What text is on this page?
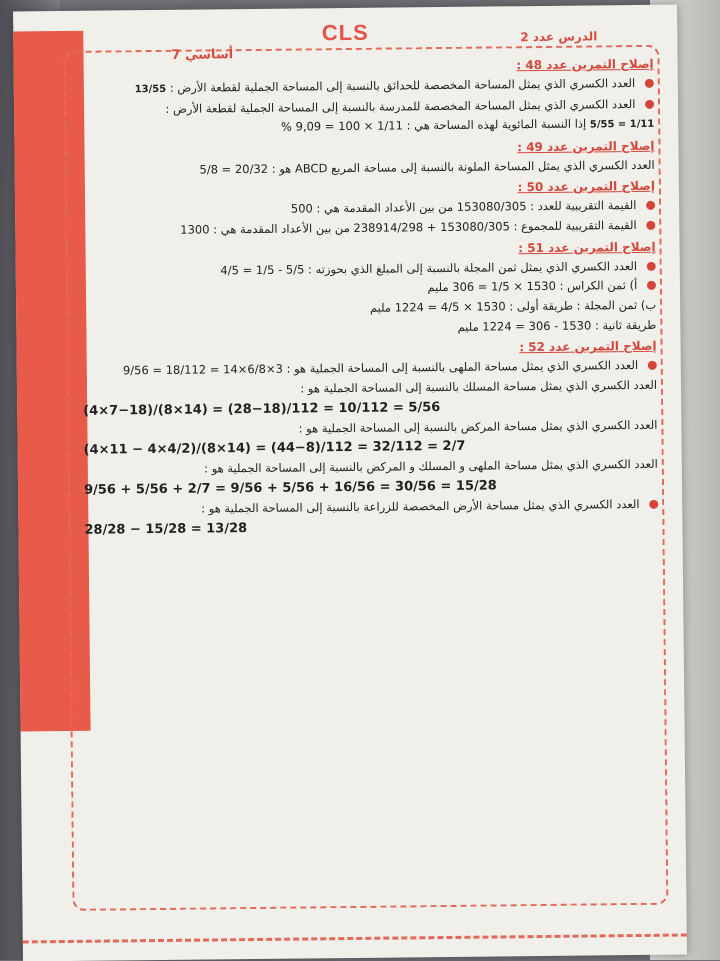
CLS
7 أساسي
الدرس عدد 2
إصلاح التمرين عدد 48 :
العدد الكسري الذي يمثل المساحة المخصصة للحدائق بالنسبة إلى المساحة الجملية لقطعة الأرض : 13/55
العدد الكسري الذي يمثل المساحة المخصصة للمدرسة بالنسبة إلى المساحة الجملية لقطعة الأرض :
5/55 = 1/11 إذا النسبة المائوية لهذه المساحة هي : 1/11 × 100 = 9,09 %
إصلاح التمرين عدد 49 :
العدد الكسري الذي يمثل المساحة الملونة بالنسبة إلى مساحة المربع ABCD هو : 20/32 = 5/8
إصلاح التمرين عدد 50 :
القيمة التقريبية للعدد : 153080/305 من بين الأعداد المقدمة هي : 500
القيمة التقريبية للمجموع : 153080/305 + 238914/298 من بين الأعداد المقدمة هي : 1300
إصلاح التمرين عدد 51 :
العدد الكسري الذي يمثل ثمن المجلة بالنسبة إلى المبلغ الذي بحوزته : 5/5 - 1/5 = 4/5
أ) ثمن الكراس : 1530 × 1/5 = 306 مليم
ب) ثمن المجلة : طريقة أولى : 1530 × 4/5 = 1224 مليم
طريقة ثانية : 1530 - 306 = 1224 مليم
إصلاح التمرين عدد 52 :
العدد الكسري الذي يمثل مساحة الملهى بالنسبة إلى المساحة الجملية هو : 3×6/8×14 = 18/112 = 9/56
العدد الكسري الذي يمثل مساحة المسلك بالنسبة إلى المساحة الجملية هو :
(4×7−18)/(8×14) = (28−18)/112 = 10/112 = 5/56
العدد الكسري الذي يمثل مساحة المركض بالنسبة إلى المساحة الجملية هو :
(4×11 − 4×4/2)/(8×14) = (44−8)/112 = 32/112 = 2/7
العدد الكسري الذي يمثل مساحة الملهى و المسلك و المركض بالنسبة إلى المساحة الجملية هو :
9/56 + 5/56 + 2/7 = 9/56 + 5/56 + 16/56 = 30/56 = 15/28
العدد الكسري الذي يمثل مساحة الأرض المخصصة للزراعة بالنسبة إلى المساحة الجملية هو :
28/28 − 15/28 = 13/28
